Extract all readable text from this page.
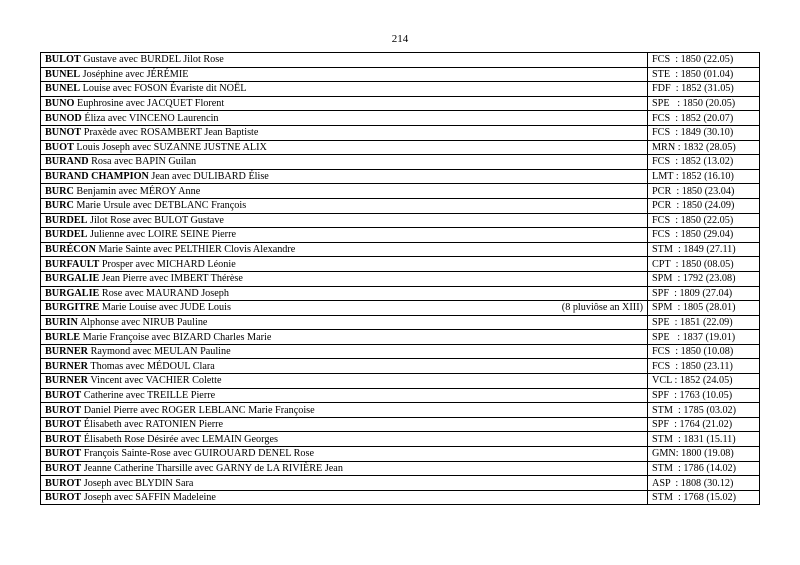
214
BULOT Gustave avec BURDEL Jilot Rose	FCS  : 1850 (22.05)
BUNEL Joséphine avec JÉRÉMIE	STE  : 1850 (01.04)
BUNEL Louise avec FOSON Évariste dit NOËL	FDF  : 1852 (31.05)
BUNO Euphrosine avec JACQUET Florent	SPE   : 1850 (20.05)
BUNOD Éliza avec VINCENO Laurencin	FCS  : 1852 (20.07)
BUNOT Praxède avec ROSAMBERT Jean Baptiste	FCS  : 1849 (30.10)
BUOT Louis Joseph avec SUZANNE JUSTNE ALIX	MRN : 1832 (28.05)
BURAND Rosa avec BAPIN Guilan	FCS  : 1852 (13.02)
BURAND CHAMPION Jean avec DULIBARD Élise	LMT : 1852 (16.10)
BURC Benjamin avec MÉROY Anne	PCR  : 1850 (23.04)
BURC Marie Ursule avec DETBLANC François	PCR  : 1850 (24.09)
BURDEL Jilot Rose avec BULOT Gustave	FCS  : 1850 (22.05)
BURDEL Julienne avec LOIRE SEINE Pierre	FCS  : 1850 (29.04)
BURÉCON Marie Sainte avec PELTHIER Clovis Alexandre	STM  : 1849 (27.11)
BURFAULT Prosper avec MICHARD Léonie	CPT  : 1850 (08.05)
BURGALIE Jean Pierre avec IMBERT Thérèse	SPM  : 1792 (23.08)
BURGALIE Rose avec MAURAND Joseph	SPF  : 1809 (27.04)
BURGITRE Marie Louise avec JUDE Louis (8 pluviôse an XIII)	SPM  : 1805 (28.01)
BURIN Alphonse avec NIRUB Pauline	SPE  : 1851 (22.09)
BURLE Marie Françoise avec BIZARD Charles Marie	SPE   : 1837 (19.01)
BURNER Raymond avec MEULAN Pauline	FCS  : 1850 (10.08)
BURNER Thomas avec MÉDOUL Clara	FCS  : 1850 (23.11)
BURNER Vincent avec VACHIER Colette	VCL : 1852 (24.05)
BUROT Catherine avec TREILLE Pierre	SPF  : 1763 (10.05)
BUROT Daniel Pierre avec ROGER LEBLANC Marie Françoise	STM  : 1785 (03.02)
BUROT Élisabeth avec RATONIEN Pierre	SPF  : 1764 (21.02)
BUROT Élisabeth Rose Désirée avec LEMAIN Georges	STM  : 1831 (15.11)
BUROT François Sainte-Rose avec GUIROUARD DENEL Rose	GMN: 1800 (19.08)
BUROT Jeanne Catherine Tharsille avec GARNY de LA RIVIÈRE Jean	STM  : 1786 (14.02)
BUROT Joseph avec BLYDIN Sara	ASP  : 1808 (30.12)
BUROT Joseph avec SAFFIN Madeleine	STM  : 1768 (15.02)
